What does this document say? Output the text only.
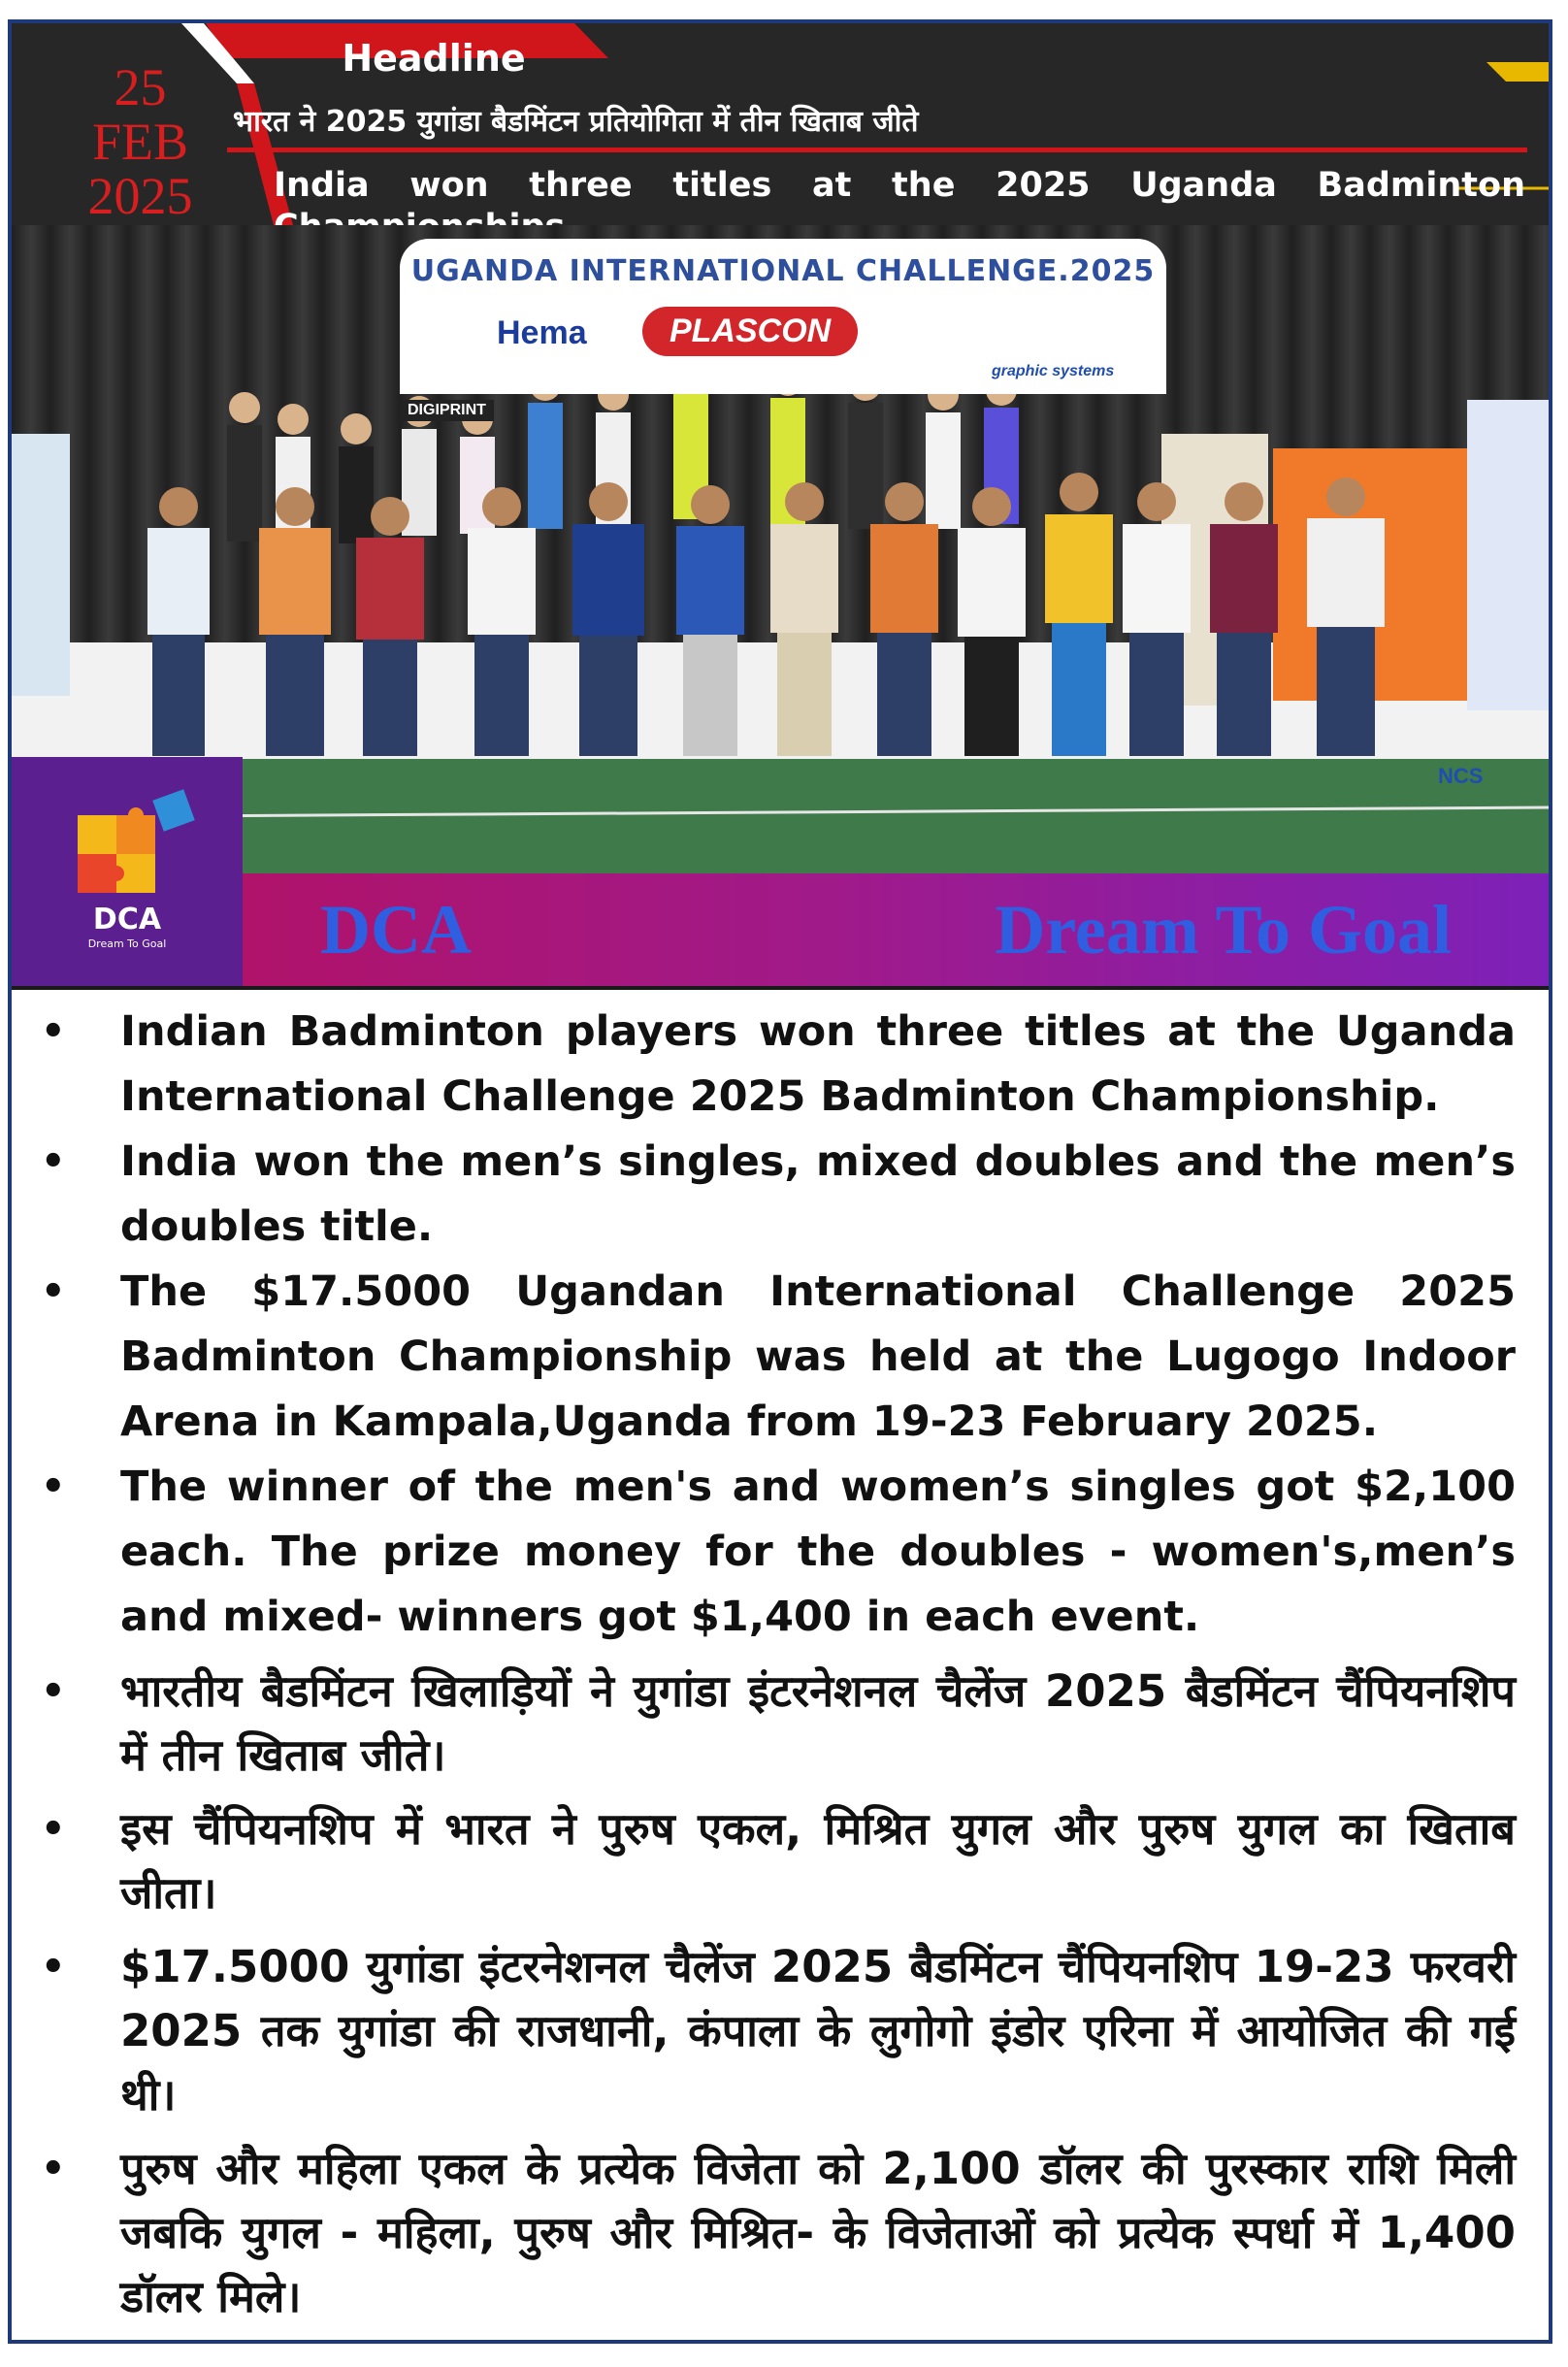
Headline
25
FEB
2025
भारत ने 2025 युगांडा बैडमिंटन प्रतियोगिता में तीन खिताब जीते
India won three titles at the 2025 Uganda Badminton
UGANDA INTERNATIONAL CHALLENGE.2025
Hema	PLASCON
graphic systems
DIGIPRINT
NCS
DCA
Dream To Goal	DCA	Dream To Goal
• Indian Badminton players won three titles at the Uganda International Challenge 2025 Badminton Championship.
• India won the men’s singles, mixed doubles and the men’s doubles title.
• The $17.5000 Ugandan International Challenge 2025 Badminton Championship was held at the Lugogo Indoor Arena in Kampala,Uganda from 19-23 February 2025.
• The winner of the men's and women’s singles got $2,100 each. The prize money for the doubles - women's,men’s and mixed- winners got $1,400 in each event.
• भारतीय बैडमिंटन खिलाड़ियों ने युगांडा इंटरनेशनल चैलेंज 2025 बैडमिंटन चैंपियनशिप में तीन खिताब जीते।
• इस चैंपियनशिप में भारत ने पुरुष एकल, मिश्रित युगल और पुरुष युगल का खिताब जीता।
• $17.5000 युगांडा इंटरनेशनल चैलेंज 2025 बैडमिंटन चैंपियनशिप 19-23 फरवरी 2025 तक युगांडा की राजधानी, कंपाला के लुगोगो इंडोर एरिना में आयोजित की गई थी।
• पुरुष और महिला एकल के प्रत्येक विजेता को 2,100 डॉलर की पुरस्कार राशि मिली जबकि युगल - महिला, पुरुष और मिश्रित- के विजेताओं को प्रत्येक स्पर्धा में 1,400 डॉलर मिले।
